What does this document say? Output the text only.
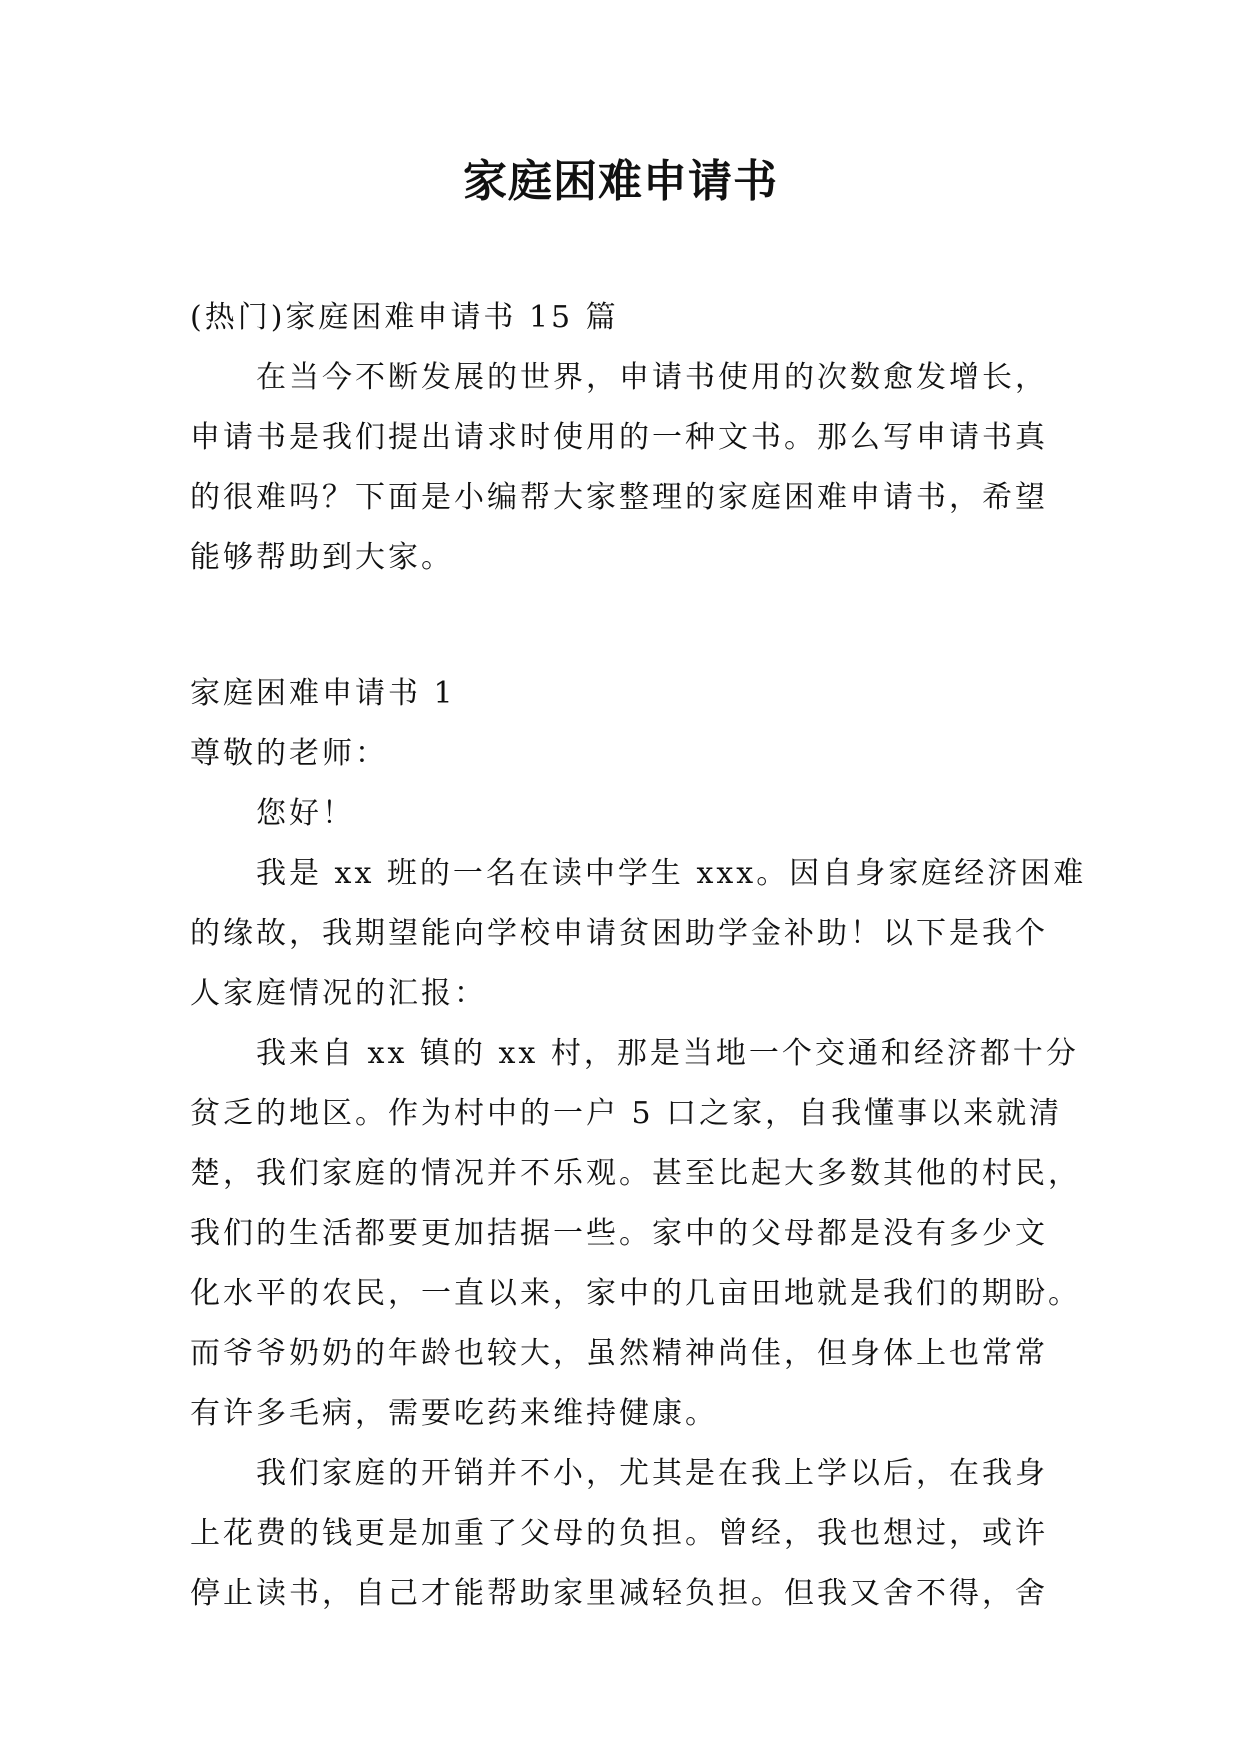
家庭困难申请书
(热门)家庭困难申请书 15 篇
在当今不断发展的世界，申请书使用的次数愈发增长，
申请书是我们提出请求时使用的一种文书。那么写申请书真
的很难吗？下面是小编帮大家整理的家庭困难申请书，希望
能够帮助到大家。
家庭困难申请书 1
尊敬的老师：
您好！
我是 xx 班的一名在读中学生 xxx。因自身家庭经济困难
的缘故，我期望能向学校申请贫困助学金补助！以下是我个
人家庭情况的汇报：
我来自 xx 镇的 xx 村，那是当地一个交通和经济都十分
贫乏的地区。作为村中的一户 5 口之家，自我懂事以来就清
楚，我们家庭的情况并不乐观。甚至比起大多数其他的村民，
我们的生活都要更加拮据一些。家中的父母都是没有多少文
化水平的农民，一直以来，家中的几亩田地就是我们的期盼。
而爷爷奶奶的年龄也较大，虽然精神尚佳，但身体上也常常
有许多毛病，需要吃药来维持健康。
我们家庭的开销并不小，尤其是在我上学以后，在我身
上花费的钱更是加重了父母的负担。曾经，我也想过，或许
停止读书，自己才能帮助家里减轻负担。但我又舍不得，舍
